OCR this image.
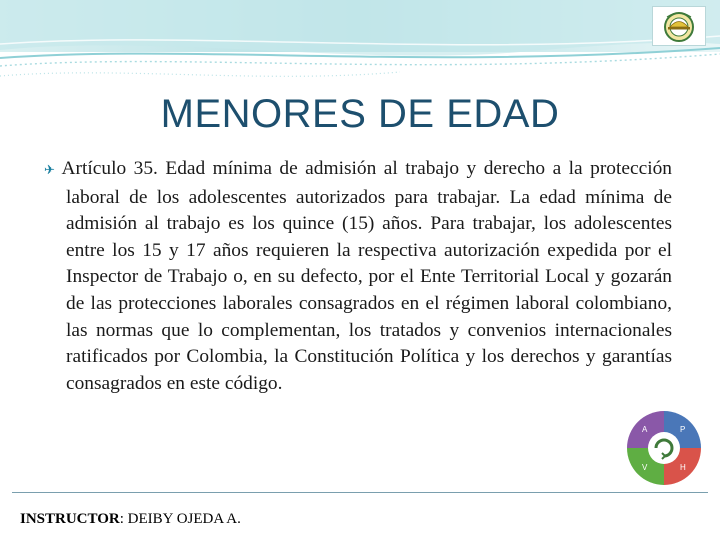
MENORES DE EDAD

✈ Artículo 35. Edad mínima de admisión al trabajo y derecho a la protección laboral de los adolescentes autorizados para trabajar. La edad mínima de admisión al trabajo es los quince (15) años. Para trabajar, los adolescentes entre los 15 y 17 años requieren la respectiva autorización expedida por el Inspector de Trabajo o, en su defecto, por el Ente Territorial Local y gozarán de las protecciones laborales consagrados en el régimen laboral colombiano, las normas que lo complementan, los tratados y convenios internacionales ratificados por Colombia, la Constitución Política y los derechos y garantías consagrados en este código.

P
H
V
A
INSTRUCTOR: DEIBY OJEDA A.
